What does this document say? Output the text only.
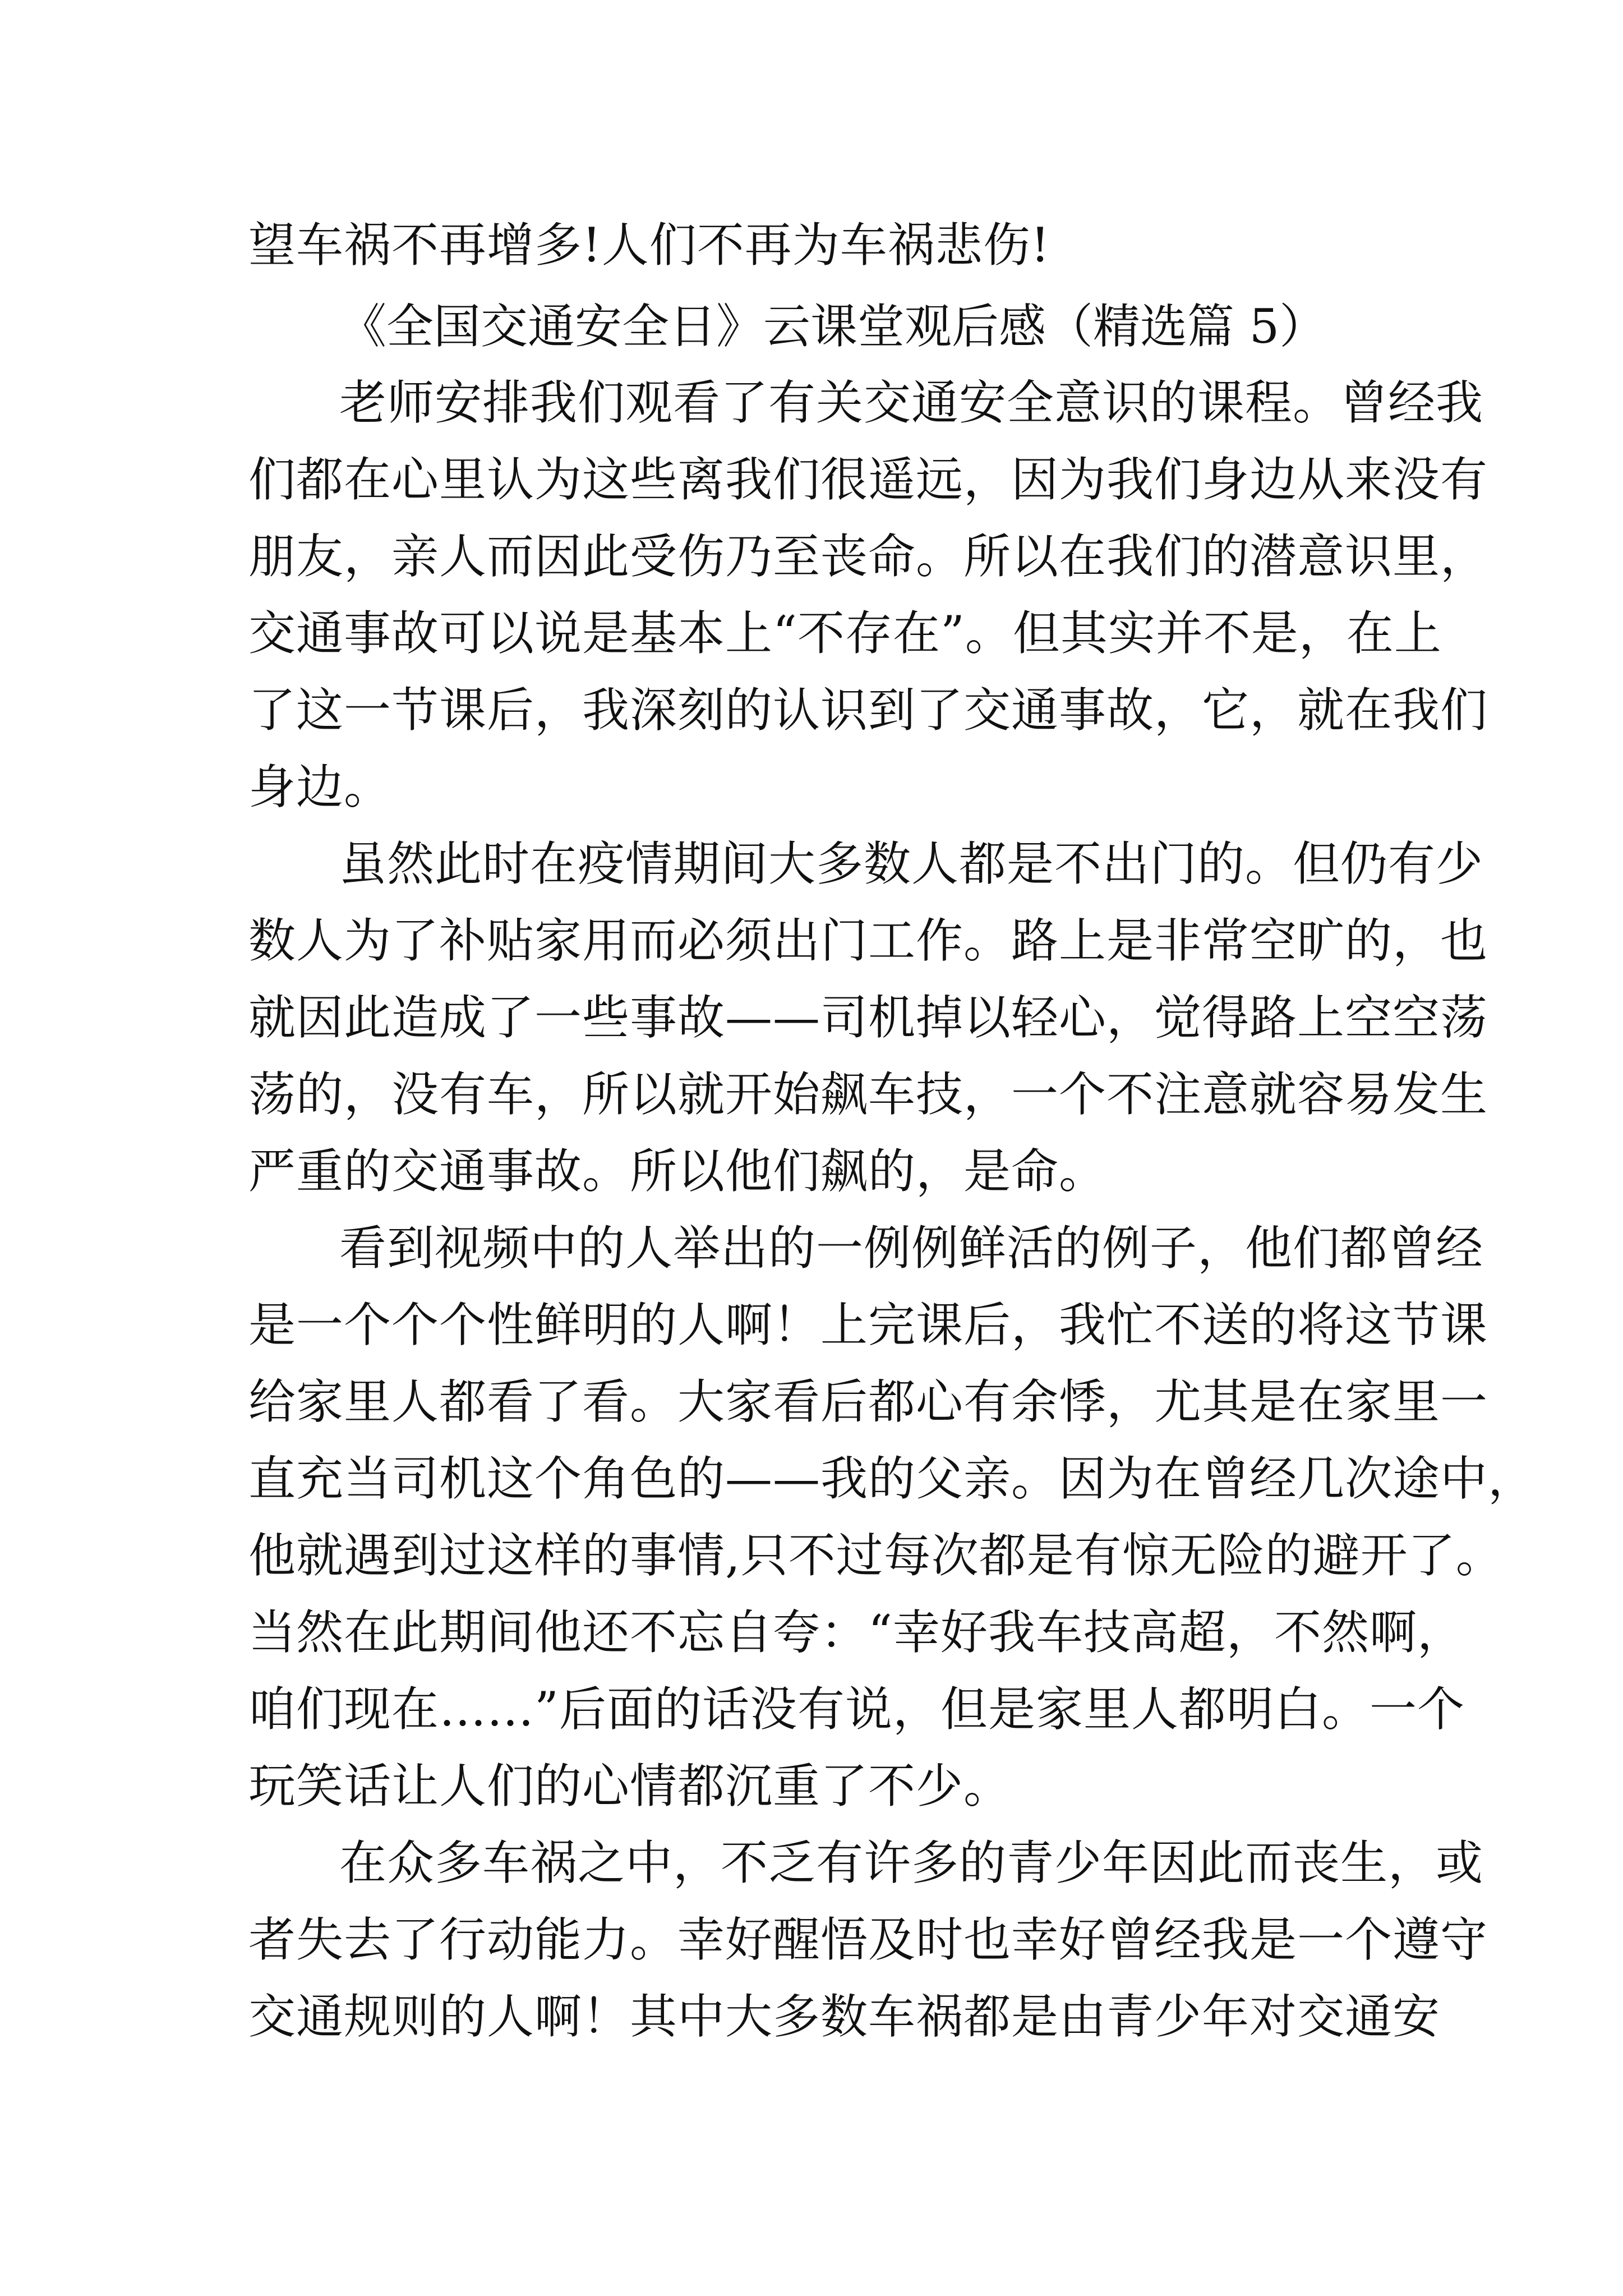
望车祸不再增多!人们不再为车祸悲伤!
《全国交通安全日》云课堂观后感（精选篇 5）
老师安排我们观看了有关交通安全意识的课程。曾经我
们都在心里认为这些离我们很遥远，因为我们身边从来没有
朋友，亲人而因此受伤乃至丧命。所以在我们的潜意识里，
交通事故可以说是基本上“不存在”。但其实并不是，在上
了这一节课后，我深刻的认识到了交通事故，它，就在我们
身边。
虽然此时在疫情期间大多数人都是不出门的。但仍有少
数人为了补贴家用而必须出门工作。路上是非常空旷的，也
就因此造成了一些事故——司机掉以轻心，觉得路上空空荡
荡的，没有车，所以就开始飙车技，一个不注意就容易发生
严重的交通事故。所以他们飙的，是命。
看到视频中的人举出的一例例鲜活的例子，他们都曾经
是一个个个性鲜明的人啊！上完课后，我忙不送的将这节课
给家里人都看了看。大家看后都心有余悸，尤其是在家里一
直充当司机这个角色的——我的父亲。因为在曾经几次途中，
他就遇到过这样的事情,只不过每次都是有惊无险的避开了。
当然在此期间他还不忘自夸：“幸好我车技高超，不然啊，
咱们现在……”后面的话没有说，但是家里人都明白。一个
玩笑话让人们的心情都沉重了不少。
在众多车祸之中，不乏有许多的青少年因此而丧生，或
者失去了行动能力。幸好醒悟及时也幸好曾经我是一个遵守
交通规则的人啊！其中大多数车祸都是由青少年对交通安
